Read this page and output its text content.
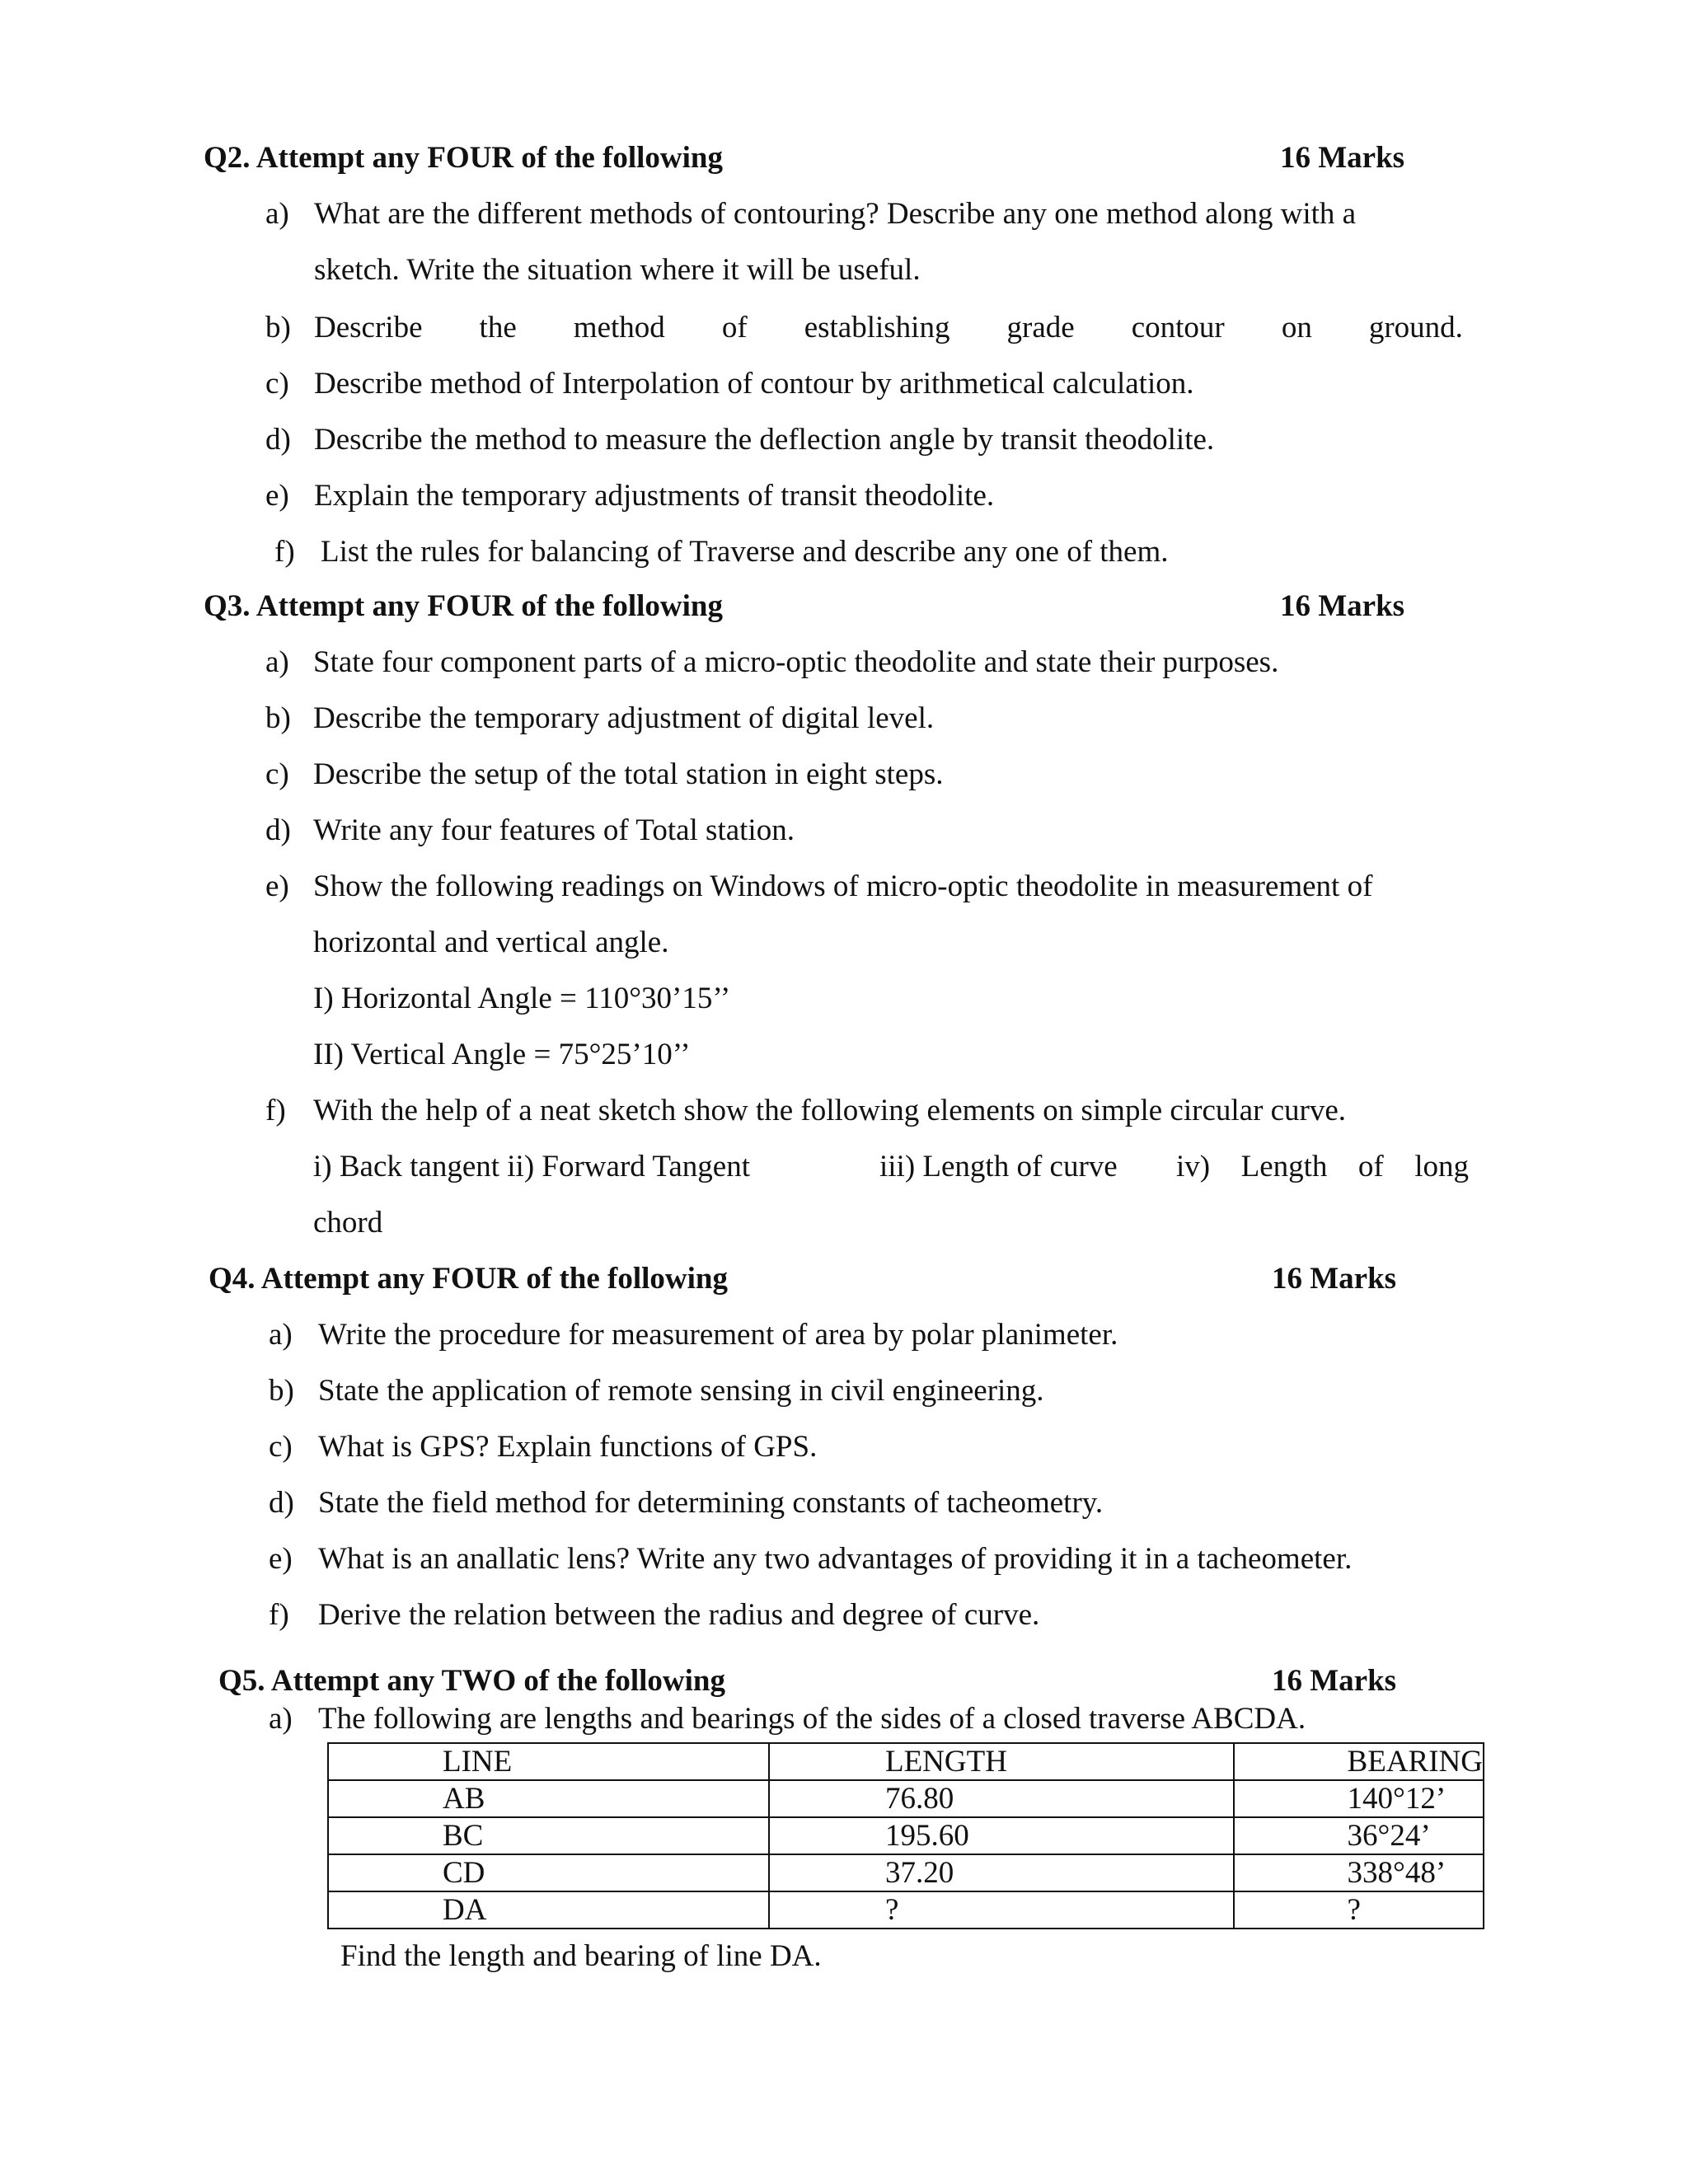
Q2. Attempt any FOUR of the following	16 Marks
a) What are the different methods of contouring? Describe any one method along with a
sketch. Write the situation where it will be useful.
b) Describe the method of establishing grade contour on ground.
c) Describe method of Interpolation of contour by arithmetical calculation.
d) Describe the method to measure the deflection angle by transit theodolite.
e) Explain the temporary adjustments of transit theodolite.
f) List the rules for balancing of Traverse and describe any one of them.
Q3. Attempt any FOUR of the following	16 Marks
a) State four component parts of a micro-optic theodolite and state their purposes.
b) Describe the temporary adjustment of digital level.
c) Describe the setup of the total station in eight steps.
d) Write any four features of Total station.
e) Show the following readings on Windows of micro-optic theodolite in measurement of
horizontal and vertical angle.
I) Horizontal Angle = 110°30’15’’
II) Vertical Angle = 75°25’10’’
f) With the help of a neat sketch show the following elements on simple circular curve.
i) Back tangent ii) Forward Tangent	iii) Length of curve iv) Length of long
chord
Q4. Attempt any FOUR of the following	16 Marks
a) Write the procedure for measurement of area by polar planimeter.
b) State the application of remote sensing in civil engineering.
c) What is GPS? Explain functions of GPS.
d) State the field method for determining constants of tacheometry.
e) What is an anallatic lens? Write any two advantages of providing it in a tacheometer.
f) Derive the relation between the radius and degree of curve.
Q5. Attempt any TWO of the following	16 Marks
a) The following are lengths and bearings of the sides of a closed traverse ABCDA.
LINE	LENGTH	BEARING
AB	76.80	140°12’
BC	195.60	36°24’
CD	37.20	338°48’
DA	?	?
Find the length and bearing of line DA.
